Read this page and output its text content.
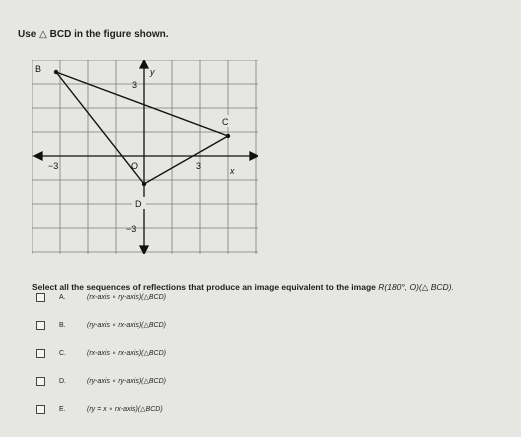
Use △ BCD in the figure shown.
B
C
D
y
x
O
3
−3
−3	3
Select all the sequences of reflections that produce an image equivalent to the image R(180°, O)(△ BCD).
A.	(rx-axis ∘ ry-axis)(△BCD)
B.	(ry-axis ∘ rx-axis)(△BCD)
C.	(rx-axis ∘ rx-axis)(△BCD)
D.	(ry-axis ∘ ry-axis)(△BCD)
E.	(ry = x ∘ rx-axis)(△BCD)
